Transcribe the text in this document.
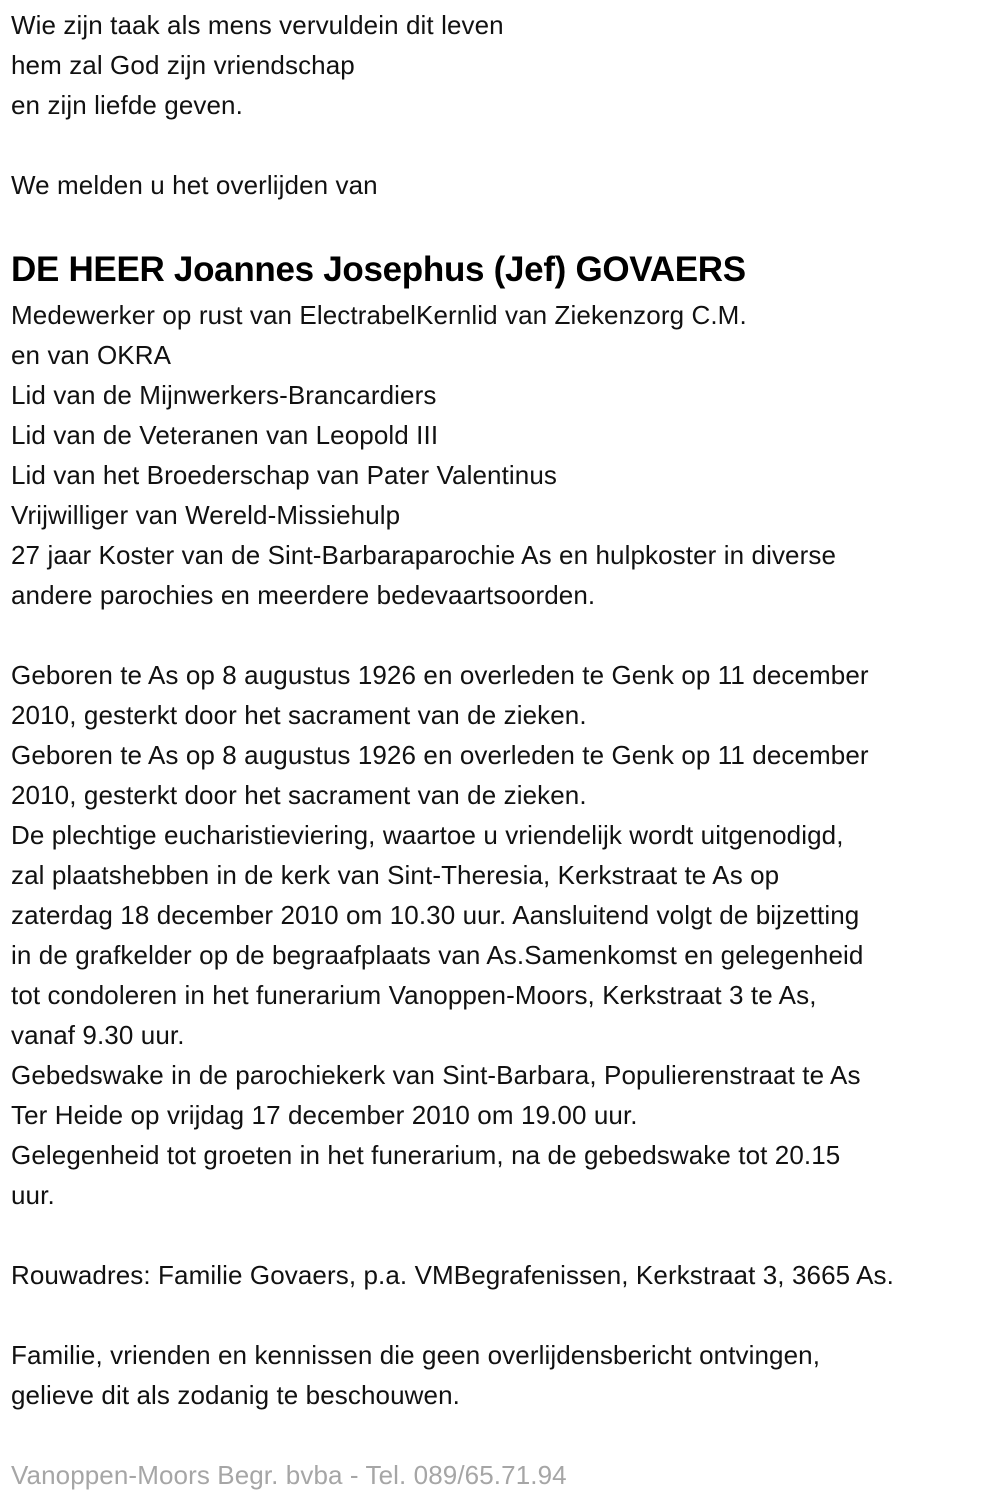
Wie zijn taak als mens vervuldein dit leven
hem zal God zijn vriendschap
en zijn liefde geven.
We melden u het overlijden van
DE HEER Joannes Josephus (Jef) GOVAERS
Medewerker op rust van ElectrabelKernlid van Ziekenzorg C.M.
en van OKRA
Lid van de Mijnwerkers-Brancardiers
Lid van de Veteranen van Leopold III
Lid van het Broederschap van Pater Valentinus
Vrijwilliger van Wereld-Missiehulp
27 jaar Koster van de Sint-Barbaraparochie As en hulpkoster in diverse
andere parochies en meerdere bedevaartsoorden.
Geboren te As op 8 augustus 1926 en overleden te Genk op 11 december
2010, gesterkt door het sacrament van de zieken.
Geboren te As op 8 augustus 1926 en overleden te Genk op 11 december
2010, gesterkt door het sacrament van de zieken.
De plechtige eucharistieviering, waartoe u vriendelijk wordt uitgenodigd,
zal plaatshebben in de kerk van Sint-Theresia, Kerkstraat te As op
zaterdag 18 december 2010 om 10.30 uur. Aansluitend volgt de bijzetting
in de grafkelder op de begraafplaats van As.Samenkomst en gelegenheid
tot condoleren in het funerarium Vanoppen-Moors, Kerkstraat 3 te As,
vanaf 9.30 uur.
Gebedswake in de parochiekerk van Sint-Barbara, Populierenstraat te As
Ter Heide op vrijdag 17 december 2010 om 19.00 uur.
Gelegenheid tot groeten in het funerarium, na de gebedswake tot 20.15
uur.
Rouwadres: Familie Govaers, p.a. VMBegrafenissen, Kerkstraat 3, 3665 As.
Familie, vrienden en kennissen die geen overlijdensbericht ontvingen,
gelieve dit als zodanig te beschouwen.
Vanoppen-Moors Begr. bvba - Tel. 089/65.71.94
